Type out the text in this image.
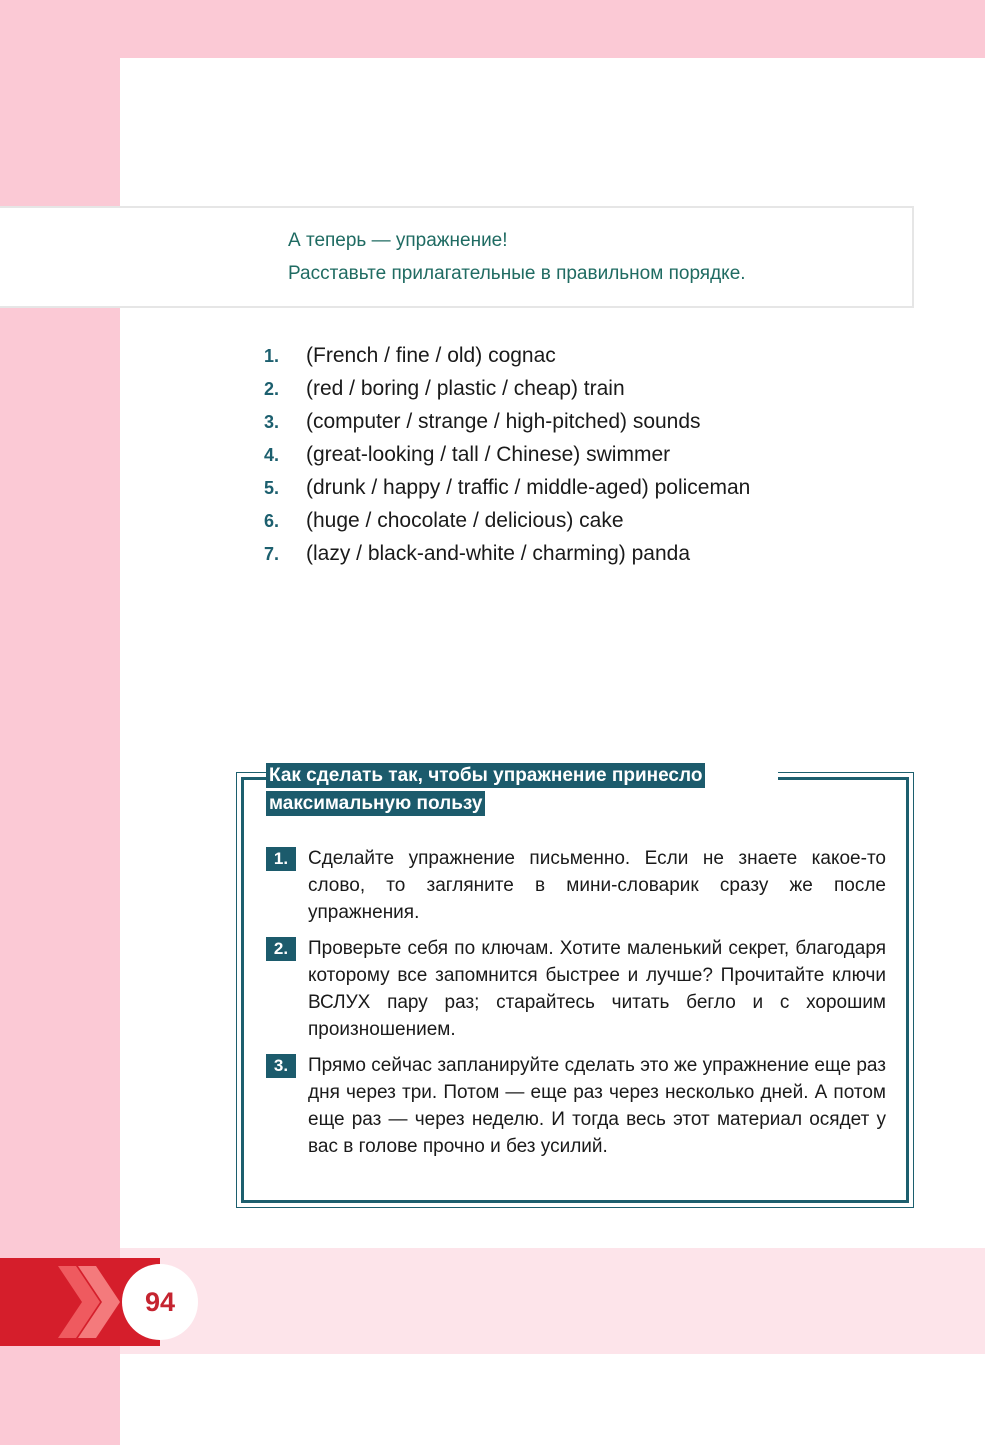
А теперь — упражнение!
Расставьте прилагательные в правильном порядке.
1.	(French / fine / old) cognac
2.	(red / boring / plastic / cheap) train
3.	(computer / strange / high-pitched) sounds
4.	(great-looking / tall / Chinese) swimmer
5.	(drunk / happy / traffic / middle-aged) policeman
6.	(huge / chocolate / delicious) cake
7.	(lazy / black-and-white / charming) panda
Как сделать так, чтобы упражнение принесло
максимальную пользу
1.	Сделайте упражнение письменно. Если не знаете какое-то слово, то загляните в мини-словарик сразу же после упражнения.
2.	Проверьте себя по ключам. Хотите маленький секрет, благодаря которому все запомнится быстрее и лучше? Прочитайте ключи ВСЛУХ пару раз; старайтесь читать бегло и с хорошим произношением.
3.	Прямо сейчас запланируйте сделать это же упражнение еще раз дня через три. Потом — еще раз через несколько дней. А потом еще раз — через неделю. И тогда весь этот материал осядет у вас в голове прочно и без усилий.
94
